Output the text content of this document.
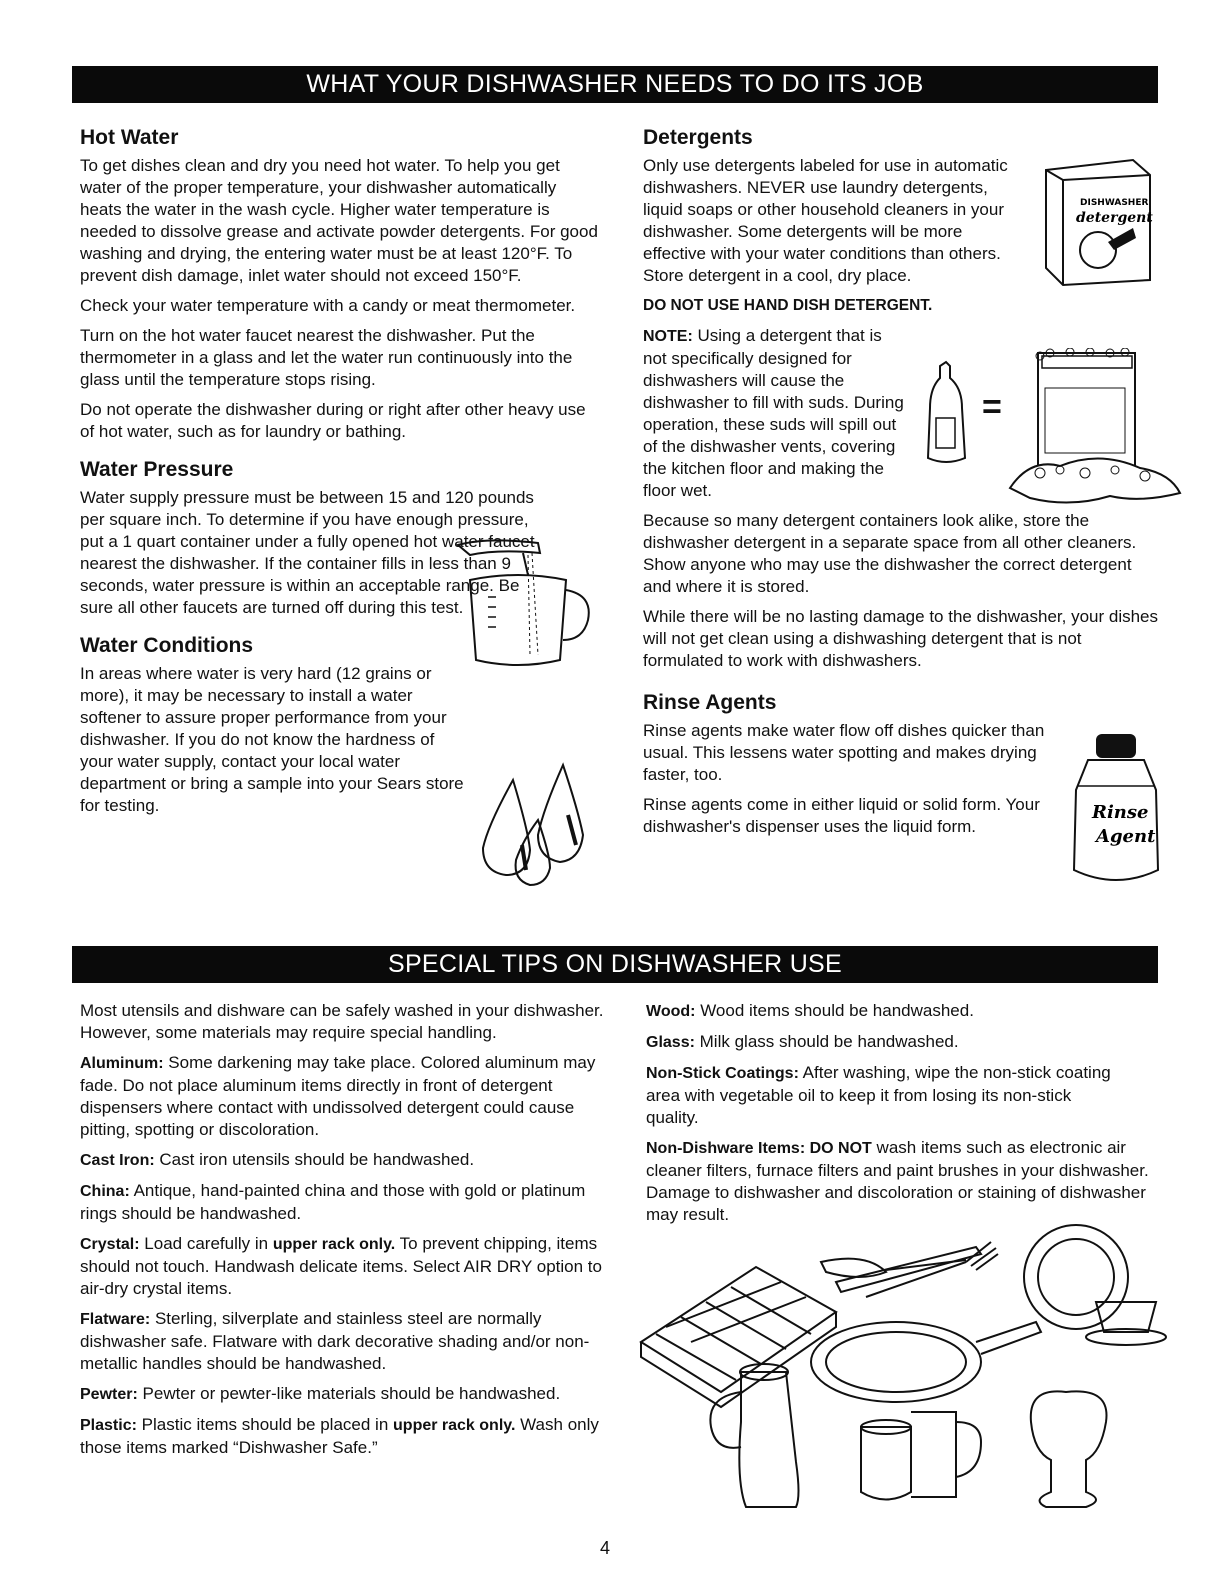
WHAT YOUR DISHWASHER NEEDS TO DO ITS JOB
Hot Water

To get dishes clean and dry you need hot water. To help you get water of the proper temperature, your dishwasher automatically heats the water in the wash cycle. Higher water temperature is needed to dissolve grease and activate powder detergents. For good washing and drying, the entering water must be at least 120°F. To prevent dish damage, inlet water should not exceed 150°F.

Check your water temperature with a candy or meat thermometer.

Turn on the hot water faucet nearest the dishwasher. Put the thermometer in a glass and let the water run continuously into the glass until the temperature stops rising.

Do not operate the dishwasher during or right after other heavy use of hot water, such as for laundry or bathing.

Water Pressure

Water supply pressure must be between 15 and 120 pounds per square inch. To determine if you have enough pressure, put a 1 quart container under a fully opened hot water faucet nearest the dishwasher. If the container fills in less than 9 seconds, water pressure is within an acceptable range. Be sure all other faucets are turned off during this test.

Water Conditions

In areas where water is very hard (12 grains or more), it may be necessary to install a water softener to assure proper performance from your dishwasher. If you do not know the hardness of your water supply, contact your local water department or bring a sample into your Sears store for testing.

Detergents

Only use detergents labeled for use in automatic dishwashers. NEVER use laundry detergents, liquid soaps or other household cleaners in your dishwasher. Some detergents will be more effective with your water conditions than others. Store detergent in a cool, dry place.

DO NOT USE HAND DISH DETERGENT.

NOTE: Using a detergent that is not specifically designed for dishwashers will cause the dishwasher to fill with suds. During operation, these suds will spill out of the dishwasher vents, covering the kitchen floor and making the floor wet.

Because so many detergent containers look alike, store the dishwasher detergent in a separate space from all other cleaners. Show anyone who may use the dishwasher the correct detergent and where it is stored.

While there will be no lasting damage to the dishwasher, your dishes will not get clean using a dishwashing detergent that is not formulated to work with dishwashers.

Rinse Agents

Rinse agents make water flow off dishes quicker than usual. This lessens water spotting and makes drying faster, too.

Rinse agents come in either liquid or solid form. Your dishwasher's dispenser uses the liquid form.

DISHWASHER
detergent
=
Rinse
Agent
SPECIAL TIPS ON DISHWASHER USE

Most utensils and dishware can be safely washed in your dishwasher. However, some materials may require special handling.

Aluminum: Some darkening may take place. Colored aluminum may fade. Do not place aluminum items directly in front of detergent dispensers where contact with undissolved detergent could cause pitting, spotting or discoloration.

Cast Iron: Cast iron utensils should be handwashed.

China: Antique, hand-painted china and those with gold or platinum rings should be handwashed.

Crystal: Load carefully in upper rack only. To prevent chipping, items should not touch. Handwash delicate items. Select AIR DRY option to air-dry crystal items.

Flatware: Sterling, silverplate and stainless steel are normally dishwasher safe. Flatware with dark decorative shading and/or non-metallic handles should be handwashed.

Pewter: Pewter or pewter-like materials should be handwashed.

Plastic: Plastic items should be placed in upper rack only. Wash only those items marked “Dishwasher Safe.”

Wood: Wood items should be handwashed.

Glass: Milk glass should be handwashed.

Non-Stick Coatings: After washing, wipe the non-stick coating area with vegetable oil to keep it from losing its non-stick quality.

Non-Dishware Items: DO NOT wash items such as electronic air cleaner filters, furnace filters and paint brushes in your dishwasher. Damage to dishwasher and discoloration or staining of dishwasher may result.

4
